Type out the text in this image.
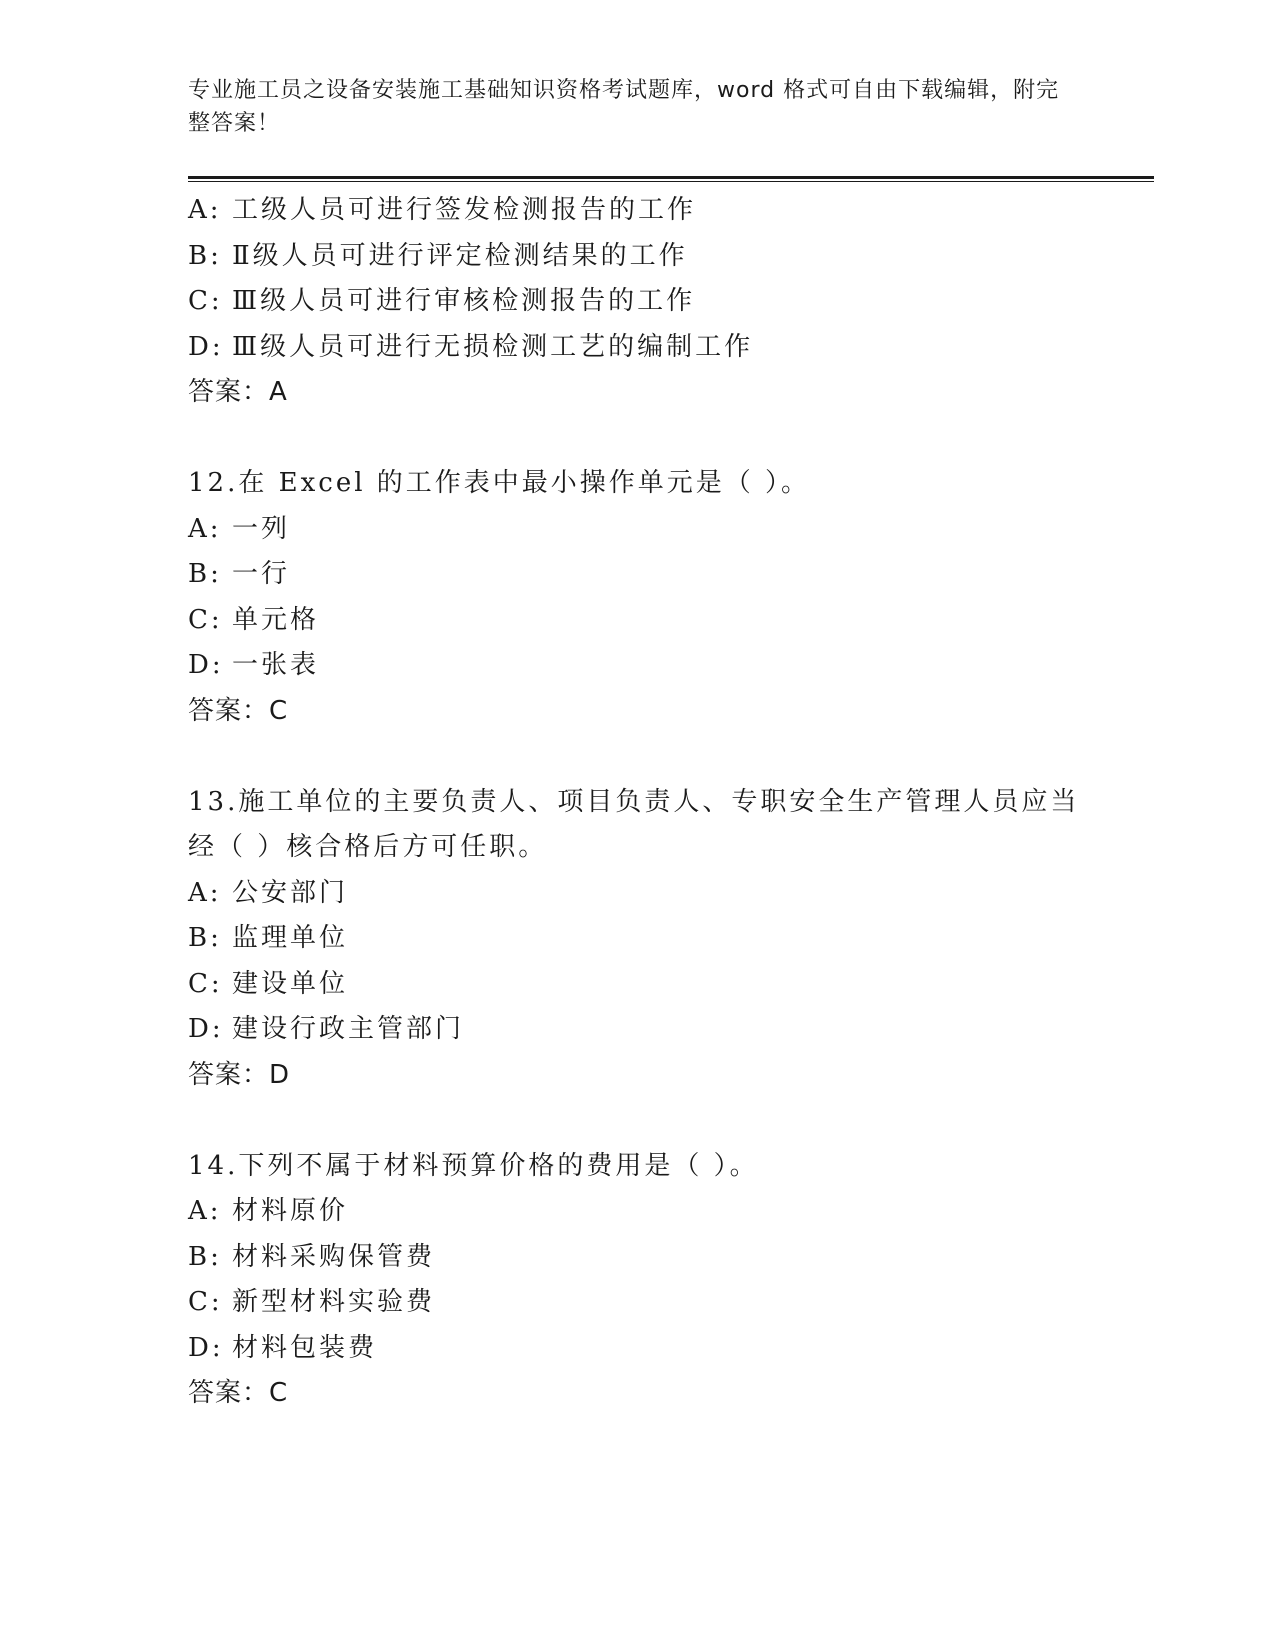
专业施工员之设备安装施工基础知识资格考试题库，word 格式可自由下载编辑，附完整答案！
A: 工级人员可进行签发检测报告的工作
B: Ⅱ级人员可进行评定检测结果的工作
C: Ⅲ级人员可进行审核检测报告的工作
D: Ⅲ级人员可进行无损检测工艺的编制工作
答案：A
12.在 Excel 的工作表中最小操作单元是（ ）。
A: 一列
B: 一行
C: 单元格
D: 一张表
答案：C
13.施工单位的主要负责人、项目负责人、专职安全生产管理人员应当
经（ ）核合格后方可任职。
A: 公安部门
B: 监理单位
C: 建设单位
D: 建设行政主管部门
答案：D
14.下列不属于材料预算价格的费用是（ ）。
A: 材料原价
B: 材料采购保管费
C: 新型材料实验费
D: 材料包装费
答案：C
